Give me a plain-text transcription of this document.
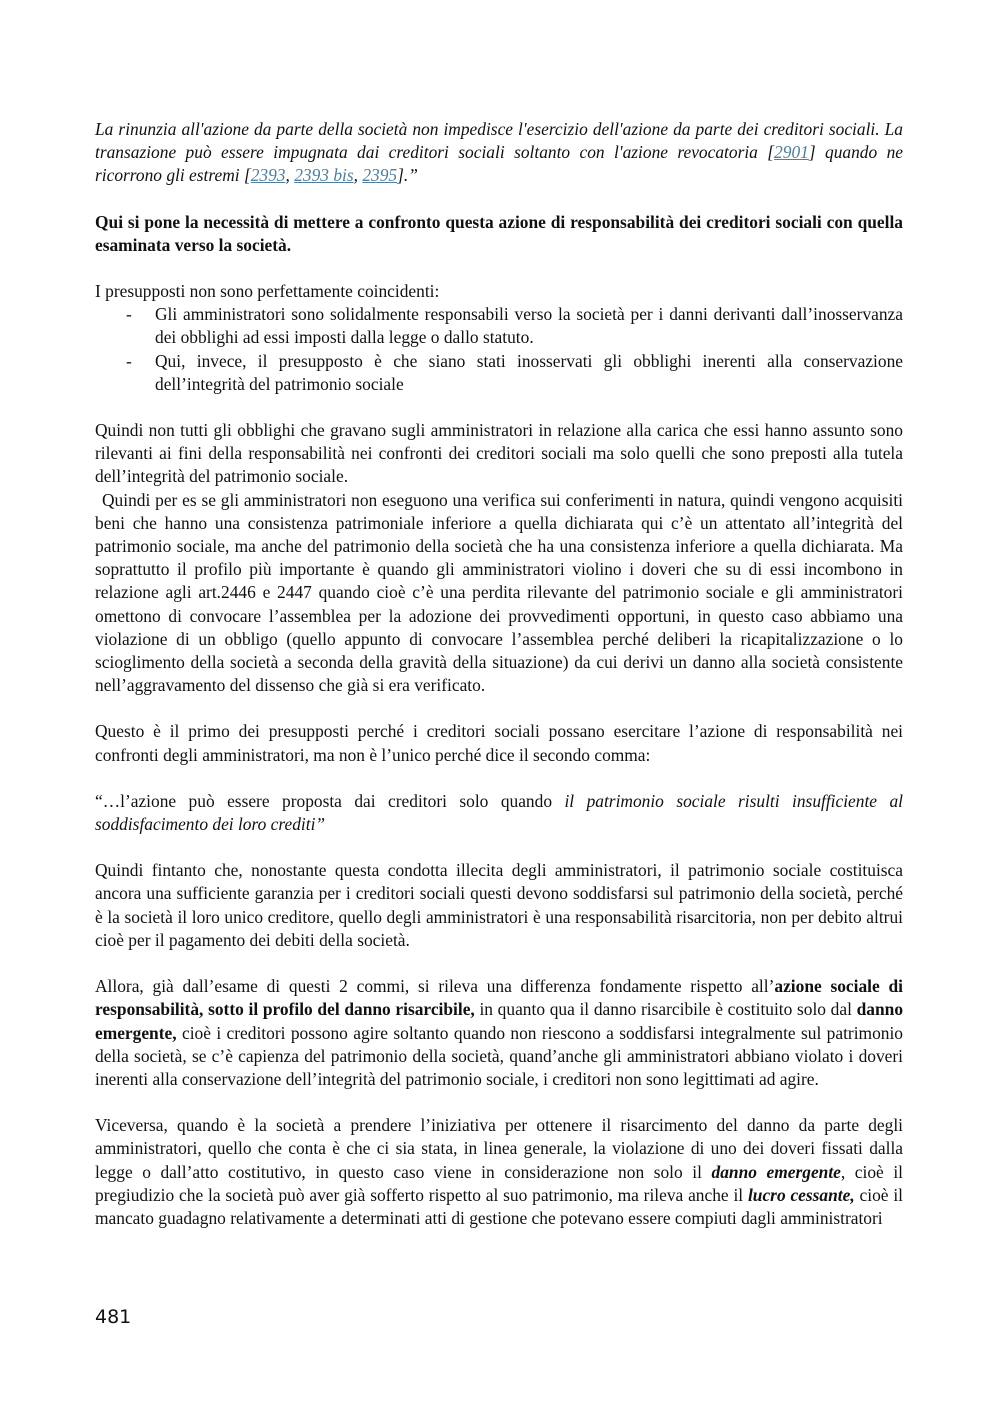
La rinunzia all'azione da parte della società non impedisce l'esercizio dell'azione da parte dei creditori sociali. La transazione può essere impugnata dai creditori sociali soltanto con l'azione revocatoria [2901] quando ne ricorrono gli estremi [2393, 2393 bis, 2395].”

Qui si pone la necessità di mettere a confronto questa azione di responsabilità dei creditori sociali con quella esaminata verso la società.

I presupposti non sono perfettamente coincidenti:

- Gli amministratori sono solidalmente responsabili verso la società per i danni derivanti dall’inosservanza dei obblighi ad essi imposti dalla legge o dallo statuto.
- Qui, invece, il presupposto è che siano stati inosservati gli obblighi inerenti alla conservazione dell’integrità del patrimonio sociale

Quindi non tutti gli obblighi che gravano sugli amministratori in relazione alla carica che essi hanno assunto sono rilevanti ai fini della responsabilità nei confronti dei creditori sociali ma solo quelli che sono preposti alla tutela dell’integrità del patrimonio sociale.

Quindi per es se gli amministratori non eseguono una verifica sui conferimenti in natura, quindi vengono acquisiti beni che hanno una consistenza patrimoniale inferiore a quella dichiarata qui c’è un attentato all’integrità del patrimonio sociale, ma anche del patrimonio della società che ha una consistenza inferiore a quella dichiarata. Ma soprattutto il profilo più importante è quando gli amministratori violino i doveri che su di essi incombono in relazione agli art.2446 e 2447 quando cioè c’è una perdita rilevante del patrimonio sociale e gli amministratori omettono di convocare l’assemblea per la adozione dei provvedimenti opportuni, in questo caso abbiamo una violazione di un obbligo (quello appunto di convocare l’assemblea perché deliberi la ricapitalizzazione o lo scioglimento della società a seconda della gravità della situazione) da cui derivi un danno alla società consistente nell’aggravamento del dissenso che già si era verificato.

Questo è il primo dei presupposti perché i creditori sociali possano esercitare l’azione di responsabilità nei confronti degli amministratori, ma non è l’unico perché dice il secondo comma:

“…l’azione può essere proposta dai creditori solo quando il patrimonio sociale risulti insufficiente al soddisfacimento dei loro crediti”

Quindi fintanto che, nonostante questa condotta illecita degli amministratori, il patrimonio sociale costituisca ancora una sufficiente garanzia per i creditori sociali questi devono soddisfarsi sul patrimonio della società, perché è la società il loro unico creditore, quello degli amministratori è una responsabilità risarcitoria, non per debito altrui cioè per il pagamento dei debiti della società.

Allora, già dall’esame di questi 2 commi, si rileva una differenza fondamente rispetto all’azione sociale di responsabilità, sotto il profilo del danno risarcibile, in quanto qua il danno risarcibile è costituito solo dal danno emergente, cioè i creditori possono agire soltanto quando non riescono a soddisfarsi integralmente sul patrimonio della società, se c’è capienza del patrimonio della società, quand’anche gli amministratori abbiano violato i doveri inerenti alla conservazione dell’integrità del patrimonio sociale, i creditori non sono legittimati ad agire.

Viceversa, quando è la società a prendere l’iniziativa per ottenere il risarcimento del danno da parte degli amministratori, quello che conta è che ci sia stata, in linea generale, la violazione di uno dei doveri fissati dalla legge o dall’atto costitutivo, in questo caso viene in considerazione non solo il danno emergente, cioè il pregiudizio che la società può aver già sofferto rispetto al suo patrimonio, ma rileva anche il lucro cessante, cioè il mancato guadagno relativamente a determinati atti di gestione che potevano essere compiuti dagli amministratori

481
